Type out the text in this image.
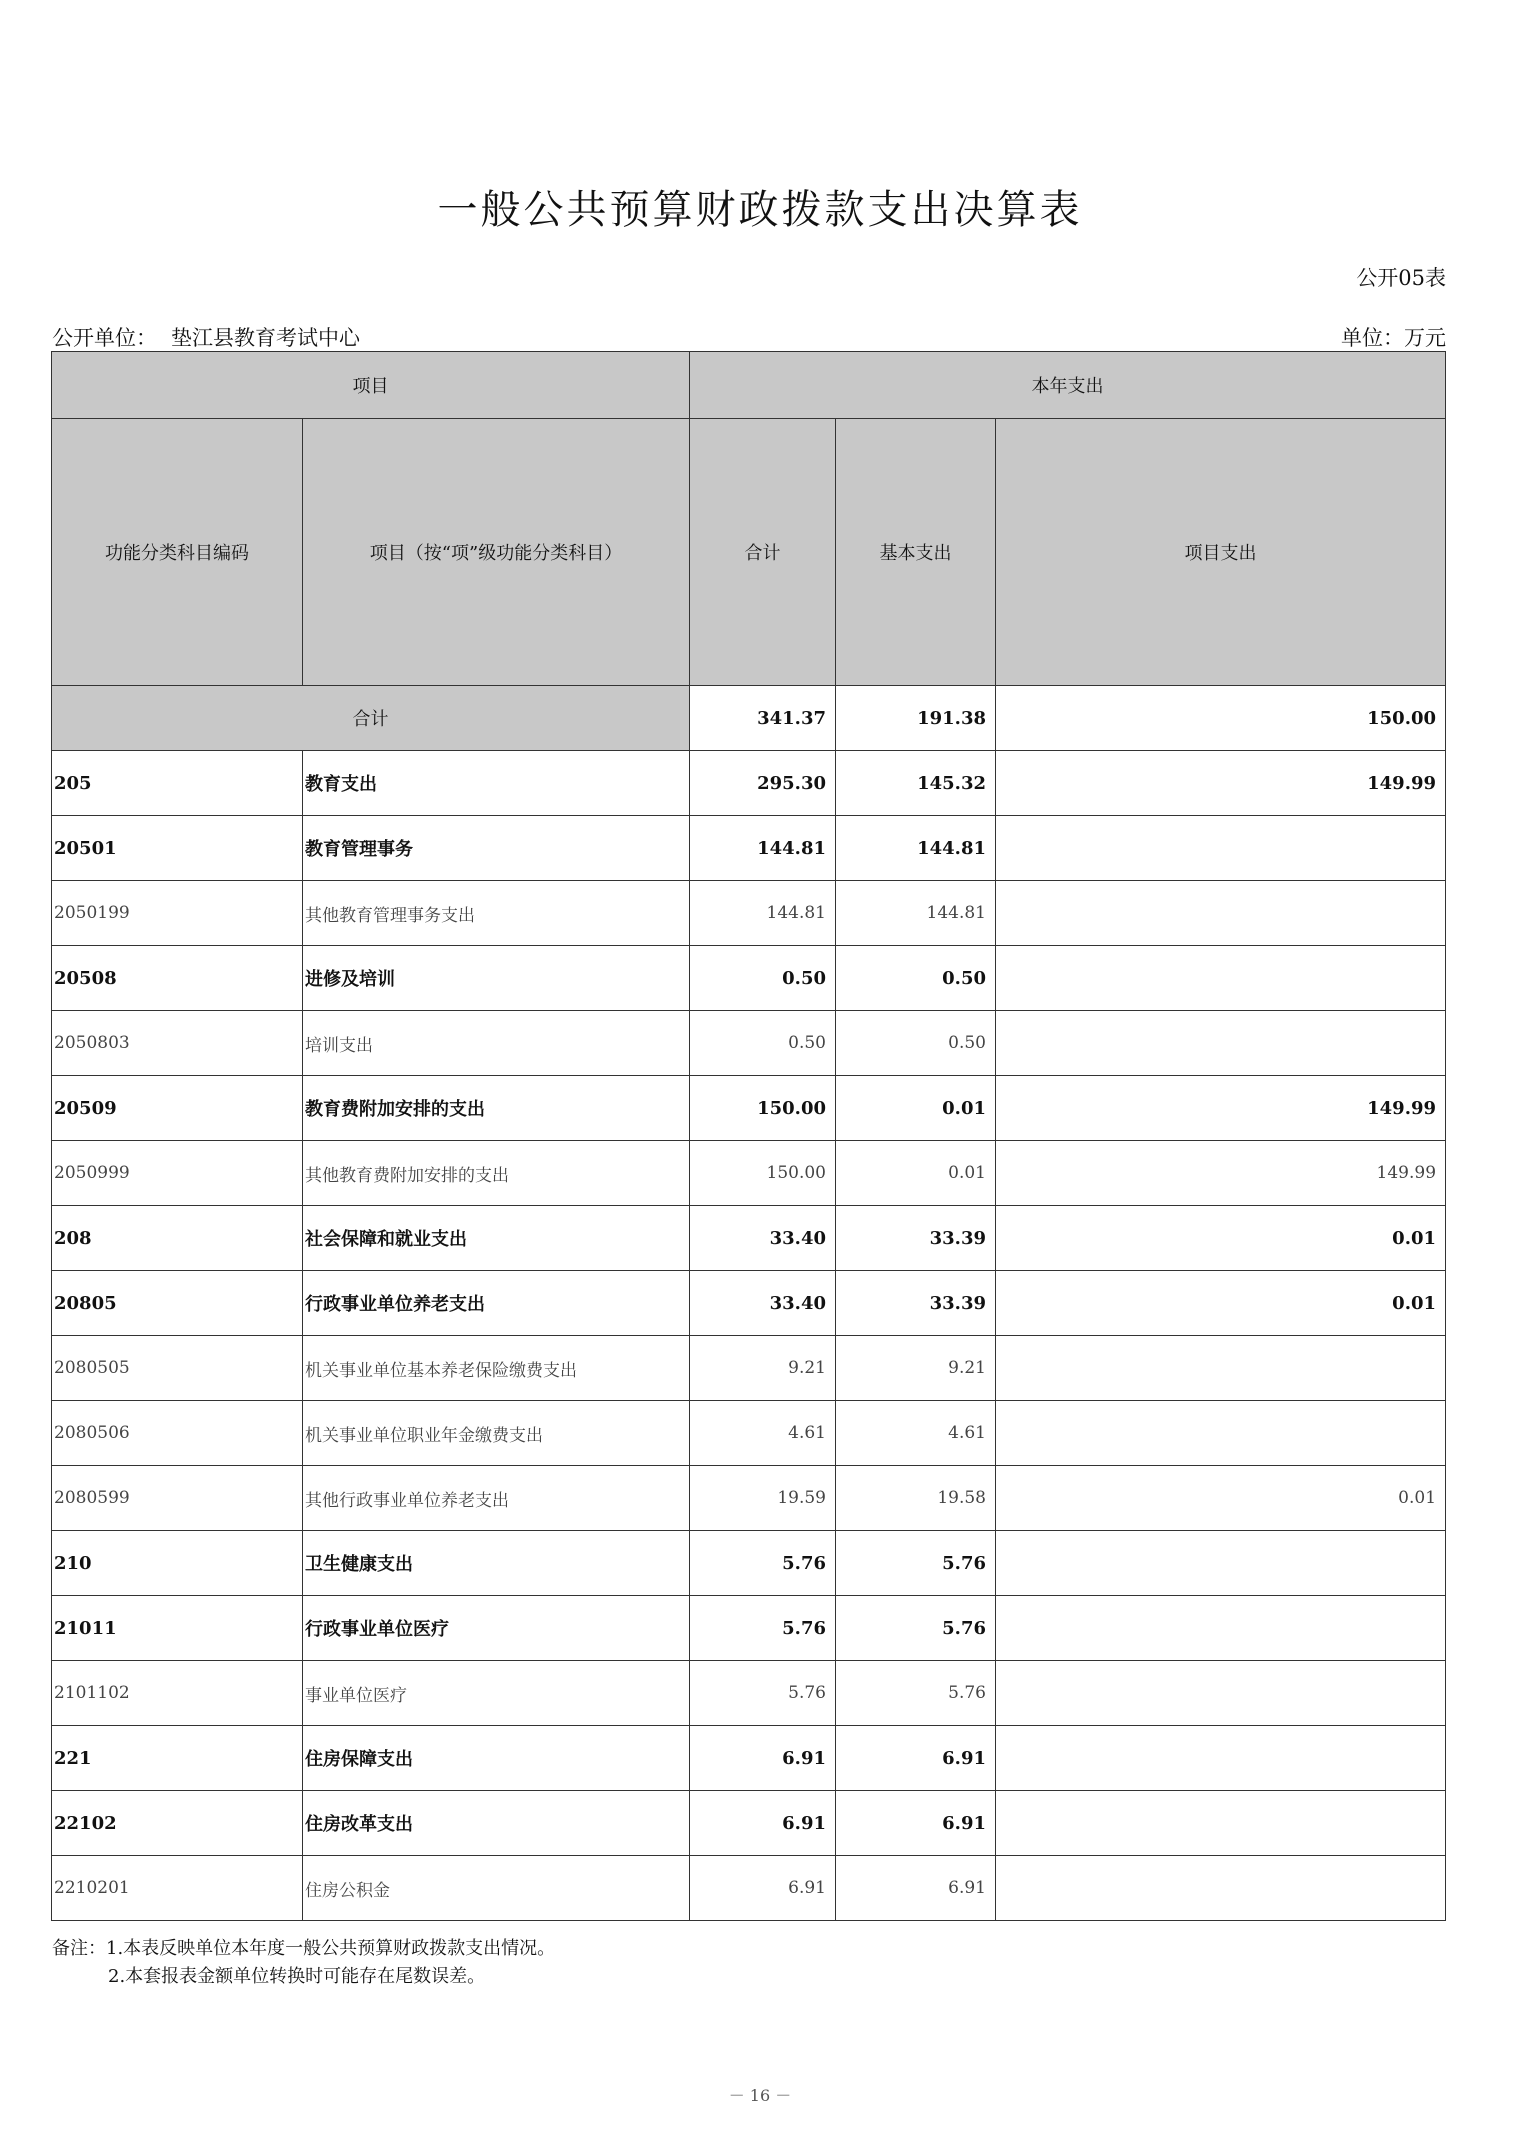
一般公共预算财政拨款支出决算表
公开05表
公开单位： 垫江县教育考试中心	单位：万元
项目		本年支出		
功能分类科目编码	项目（按“项”级功能分类科目）	合计	基本支出	项目支出
合计		341.37	191.38	150.00
205	教育支出	295.30	145.32	149.99
20501	教育管理事务	144.81	144.81	
2050199	其他教育管理事务支出	144.81	144.81	
20508	进修及培训	0.50	0.50	
2050803	培训支出	0.50	0.50	
20509	教育费附加安排的支出	150.00	0.01	149.99
2050999	其他教育费附加安排的支出	150.00	0.01	149.99
208	社会保障和就业支出	33.40	33.39	0.01
20805	行政事业单位养老支出	33.40	33.39	0.01
2080505	机关事业单位基本养老保险缴费支出	9.21	9.21	
2080506	机关事业单位职业年金缴费支出	4.61	4.61	
2080599	其他行政事业单位养老支出	19.59	19.58	0.01
210	卫生健康支出	5.76	5.76	
21011	行政事业单位医疗	5.76	5.76	
2101102	事业单位医疗	5.76	5.76	
221	住房保障支出	6.91	6.91	
22102	住房改革支出	6.91	6.91	
2210201	住房公积金	6.91	6.91	
备注：1.本表反映单位本年度一般公共预算财政拨款支出情况。
2.本套报表金额单位转换时可能存在尾数误差。
－ 16 －
